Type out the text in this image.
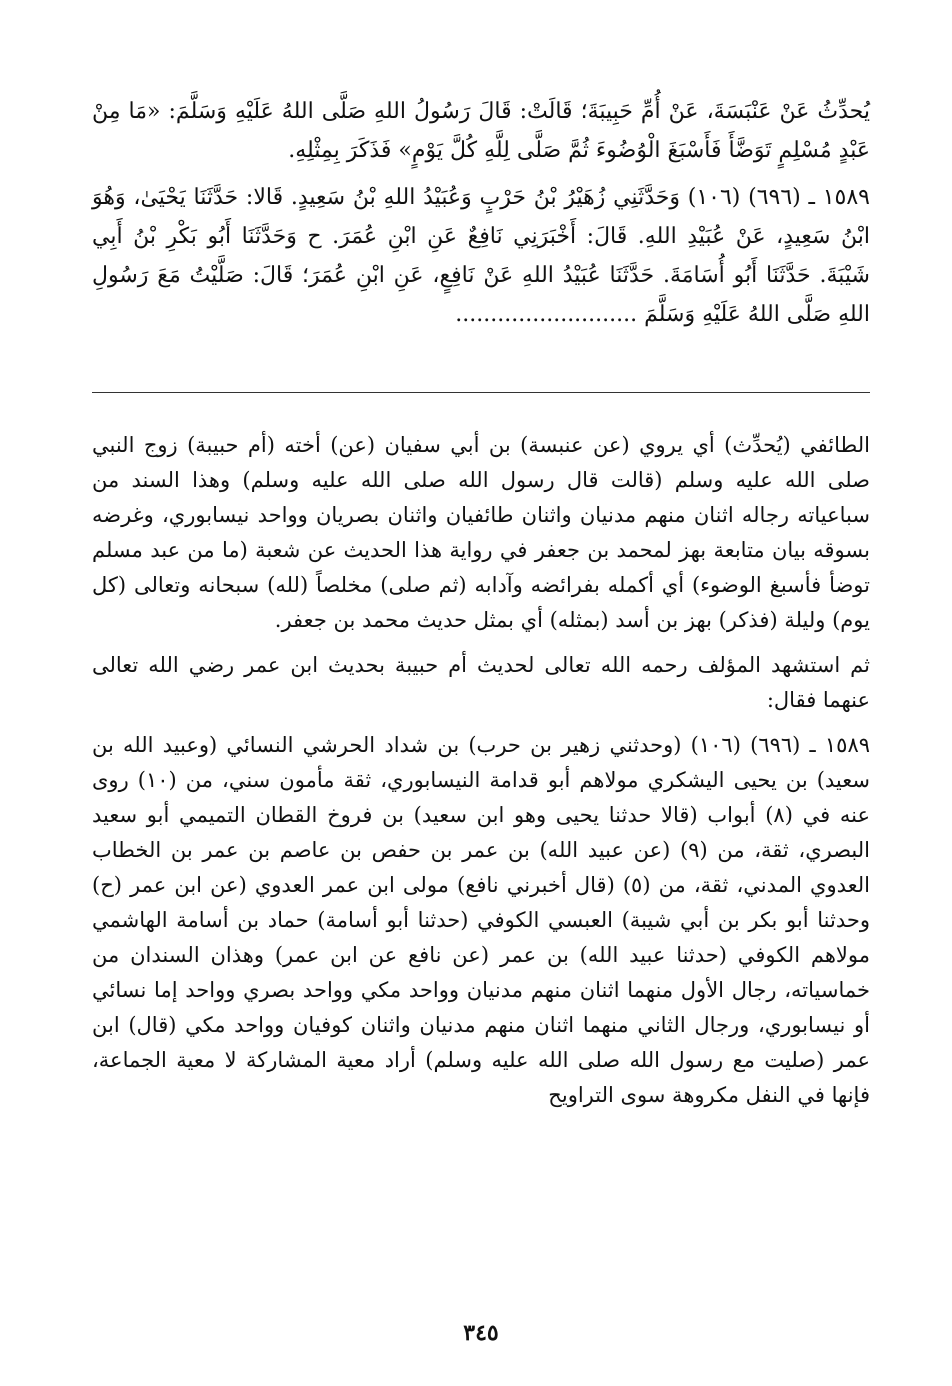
يُحدِّثُ عَنْ عَنْبَسَةَ، عَنْ أُمِّ حَبِيبَةَ؛ قَالَتْ: قَالَ رَسُولُ اللهِ صَلَّى اللهُ عَلَيْهِ وَسَلَّمَ: «مَا مِنْ عَبْدٍ مُسْلِمٍ تَوَضَّأَ فَأَسْبَغَ الْوُضُوءَ ثُمَّ صَلَّى لِلَّهِ كُلَّ يَوْمٍ» فَذَكَرَ بِمِثْلِهِ.

١٥٨٩ ـ (٦٩٦) (١٠٦) وَحَدَّثَنِي زُهَيْرُ بْنُ حَرْبٍ وَعُبَيْدُ اللهِ بْنُ سَعِيدٍ. قَالا: حَدَّثَنَا يَحْيَىٰ، وَهُوَ ابْنُ سَعِيدٍ، عَنْ عُبَيْدِ اللهِ. قَالَ: أَخْبَرَنِي نَافِعٌ عَنِ ابْنِ عُمَرَ. ح وَحَدَّثَنَا أَبُو بَكْرِ بْنُ أَبِي شَيْبَةَ. حَدَّثَنَا أَبُو أُسَامَةَ. حَدَّثَنَا عُبَيْدُ اللهِ عَنْ نَافِعٍ، عَنِ ابْنِ عُمَرَ؛ قَالَ: صَلَّيْتُ مَعَ رَسُولِ اللهِ صَلَّى اللهُ عَلَيْهِ وَسَلَّمَ ..........................

الطائفي (يُحدِّث) أي يروي (عن عنبسة) بن أبي سفيان (عن) أخته (أم حبيبة) زوج النبي صلى الله عليه وسلم (قالت قال رسول الله صلى الله عليه وسلم) وهذا السند من سباعياته رجاله اثنان منهم مدنيان واثنان طائفيان واثنان بصريان وواحد نيسابوري، وغرضه بسوقه بيان متابعة بهز لمحمد بن جعفر في رواية هذا الحديث عن شعبة (ما من عبد مسلم توضأ فأسبغ الوضوء) أي أكمله بفرائضه وآدابه (ثم صلى) مخلصاً (لله) سبحانه وتعالى (كل يوم) وليلة (فذكر) بهز بن أسد (بمثله) أي بمثل حديث محمد بن جعفر.

ثم استشهد المؤلف رحمه الله تعالى لحديث أم حبيبة بحديث ابن عمر رضي الله تعالى عنهما فقال:

١٥٨٩ ـ (٦٩٦) (١٠٦) (وحدثني زهير بن حرب) بن شداد الحرشي النسائي (وعبيد الله بن سعيد) بن يحيى اليشكري مولاهم أبو قدامة النيسابوري، ثقة مأمون سني، من (١٠) روى عنه في (٨) أبواب (قالا حدثنا يحيى وهو ابن سعيد) بن فروخ القطان التميمي أبو سعيد البصري، ثقة، من (٩) (عن عبيد الله) بن عمر بن حفص بن عاصم بن عمر بن الخطاب العدوي المدني، ثقة، من (٥) (قال أخبرني نافع) مولى ابن عمر العدوي (عن ابن عمر (ح) وحدثنا أبو بكر بن أبي شيبة) العبسي الكوفي (حدثنا أبو أسامة) حماد بن أسامة الهاشمي مولاهم الكوفي (حدثنا عبيد الله) بن عمر (عن نافع عن ابن عمر) وهذان السندان من خماسياته، رجال الأول منهما اثنان منهم مدنيان وواحد مكي وواحد بصري وواحد إما نسائي أو نيسابوري، ورجال الثاني منهما اثنان منهم مدنيان واثنان كوفيان وواحد مكي (قال) ابن عمر (صليت مع رسول الله صلى الله عليه وسلم) أراد معية المشاركة لا معية الجماعة، فإنها في النفل مكروهة سوى التراويح

٣٤٥
